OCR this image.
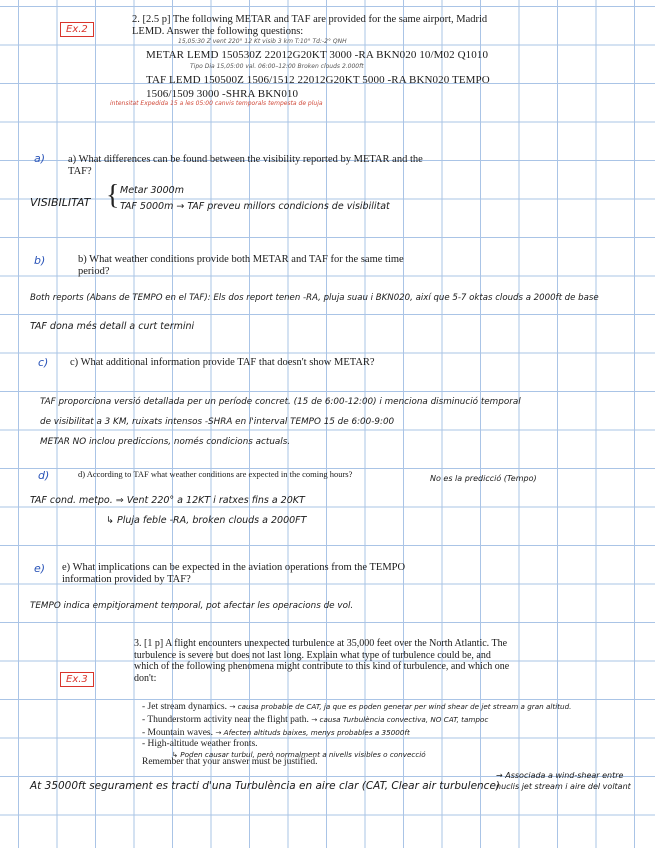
Ex.2
2. [2.5 p] The following METAR and TAF are provided for the same airport, Madrid LEMD. Answer the following questions:
15,05:30 Z vent 220° 12 Kt visib 3 km T:10° Td:-2° QNH
METAR LEMD 150530Z 22012G20KT 3000 -RA BKN020 10/M02 Q1010
Tipo Dia 15,05:00 val. 06:00–12:00 Broken clouds 2.000ft
TAF LEMD 150500Z 1506/1512 22012G20KT 5000 -RA BKN020 TEMPO
1506/1509 3000 -SHRA BKN010
intensitat Expedida 15 a les 05:00 canvis temporals tempesta de pluja
a) a) What differences can be found between the visibility reported by METAR and the TAF?
VISIBILITAT { Metar 3000m
TAF 5000m → TAF preveu millors condicions de visibilitat
b)	b) What weather conditions provide both METAR and TAF for the same time period?
Both reports (Abans de TEMPO en el TAF): Els dos report tenen -RA, pluja suau i BKN020, així que 5-7 oktas clouds a 2000ft de base
TAF dona més detall a curt termini
c) c) What additional information provide TAF that doesn't show METAR?
TAF proporciona versió detallada per un període concret. (15 de 6:00-12:00) i menciona disminució temporal
de visibilitat a 3 KM, ruixats intensos -SHRA en l'interval TEMPO 15 de 6:00-9:00
METAR NO inclou prediccions, només condicions actuals.
d)	d) According to TAF what weather conditions are expected in the coming hours?	No es la predicció (Tempo)
TAF cond. metpo. ⇒ Vent 220° a 12KT i ratxes fins a 20KT
↳ Pluja feble -RA, broken clouds a 2000FT
e) e) What implications can be expected in the aviation operations from the TEMPO information provided by TAF?
TEMPO indica empitjorament temporal, pot afectar les operacions de vol.
Ex.3
3. [1 p] A flight encounters unexpected turbulence at 35,000 feet over the North Atlantic. The turbulence is severe but does not last long. Explain what type of turbulence could be, and which of the following phenomena might contribute to this kind of turbulence, and which one don't:
- Jet stream dynamics. → causa probable de CAT, ja que es poden generar per wind shear de jet stream a gran altitud.
- Thunderstorm activity near the flight path. → causa Turbulència convectiva, NO CAT, tampoc
- Mountain waves. → Afecten altituds baixes, menys probables a 35000ft
- High-altitude weather fronts.
↳ Poden causar turbul, però normalment a nivells visibles o convecció
Remember that your answer must be justified.
At 35000ft segurament es tracti d'una Turbulència en aire clar (CAT, Clear air turbulence)
→ Associada a wind-shear entre nuclis jet stream i aire del voltant
